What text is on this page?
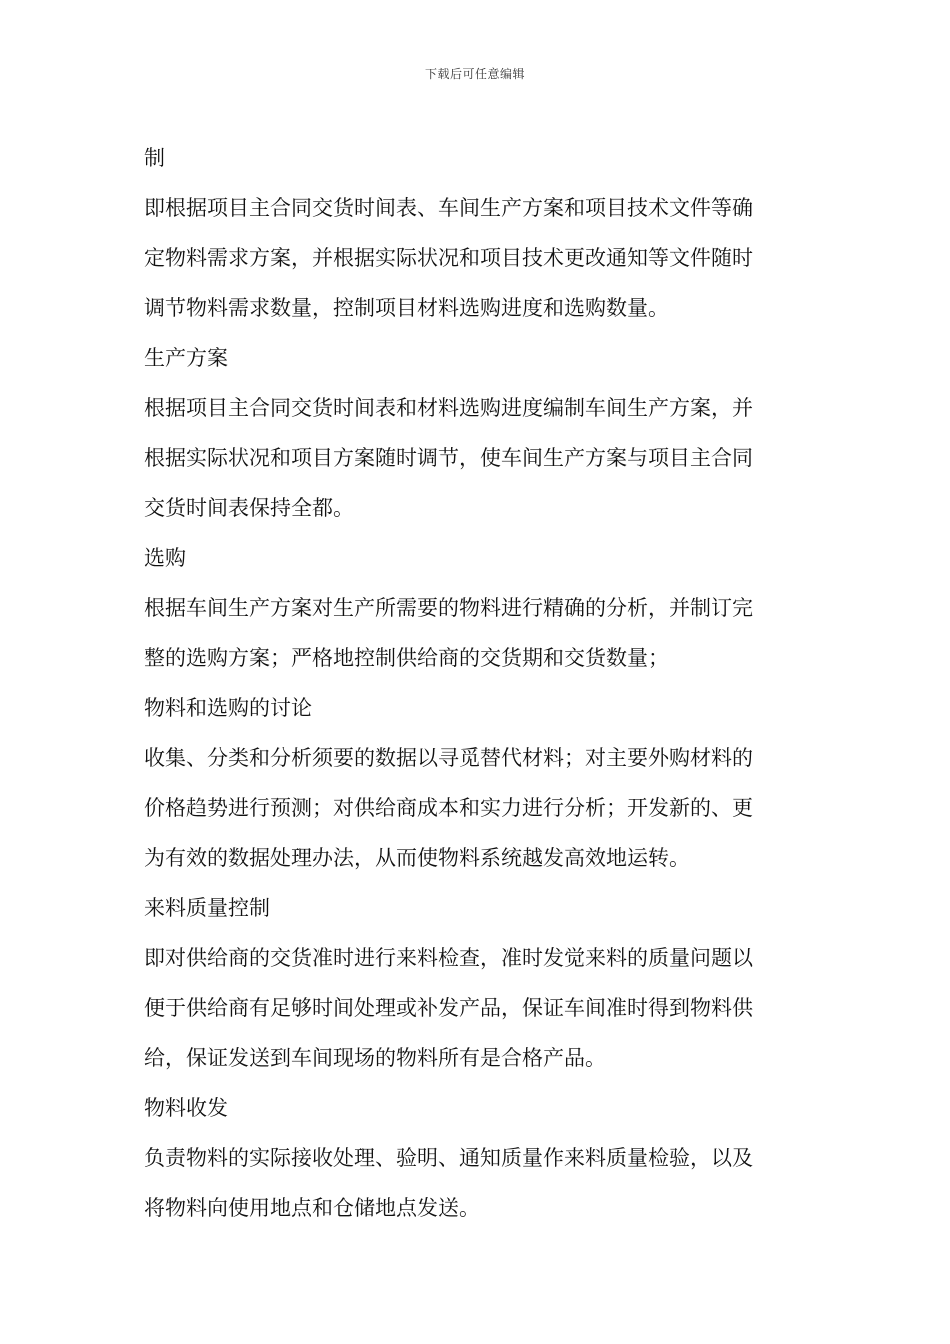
下载后可任意编辑
制
即根据项目主合同交货时间表、车间生产方案和项目技术文件等确
定物料需求方案，并根据实际状况和项目技术更改通知等文件随时
调节物料需求数量，控制项目材料选购进度和选购数量。
生产方案
根据项目主合同交货时间表和材料选购进度编制车间生产方案，并
根据实际状况和项目方案随时调节，使车间生产方案与项目主合同
交货时间表保持全都。
选购
根据车间生产方案对生产所需要的物料进行精确的分析，并制订完
整的选购方案；严格地控制供给商的交货期和交货数量；
物料和选购的讨论
收集、分类和分析须要的数据以寻觅替代材料；对主要外购材料的
价格趋势进行预测；对供给商成本和实力进行分析；开发新的、更
为有效的数据处理办法，从而使物料系统越发高效地运转。
来料质量控制
即对供给商的交货准时进行来料检查，准时发觉来料的质量问题以
便于供给商有足够时间处理或补发产品，保证车间准时得到物料供
给，保证发送到车间现场的物料所有是合格产品。
物料收发
负责物料的实际接收处理、验明、通知质量作来料质量检验，以及
将物料向使用地点和仓储地点发送。
